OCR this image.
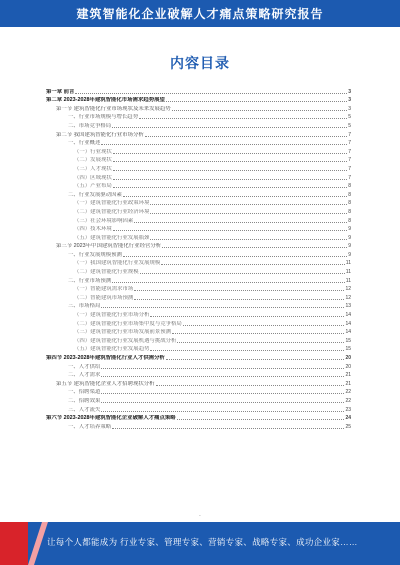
建筑智能化企业破解人才痛点策略研究报告
内容目录
第一章 前言	3
第二章 2023-2028年建筑智能化市场需求趋势展望	3
第一节 建筑智能化行业市场现状及未来发展趋势	3
一、行业市场规模与增长趋势	5
二、市场竞争格局	5
第二节 我国建筑智能化行业市场分析	7
一、行业概述	7
（一）行业现状	7
（二）发展现状	7
（三）人才现状	7
（四）区域现状	7
（五）产业布局	8
二、行业发展驱动因素	8
（一）建筑智能化行业政策环境	8
（二）建筑智能化行业经济环境	8
（三）社会环境影响因素	8
（四）技术环境	9
（五）建筑智能化行业发展瓶颈	9
第三节 2023年中国建筑智能化行业经营分析	9
一、行业发展规模预测	9
（一）我国建筑智能化行业发展规模	11
（二）建筑智能化行业规模	11
二、行业市场预测	11
（一）智能建筑需求市场	12
（二）智能建筑市场预测	12
三、市场格局	13
（一）建筑智能化行业市场分析	14
（二）建筑智能化行业市场集中度与竞争格局	14
（三）建筑智能化行业市场发展前景预测	14
（四）建筑智能化行业发展机遇与挑战分析	15
（五）建筑智能化行业发展趋势	15
第四节 2023-2028年建筑智能化行业人才供需分析	20
一、人才供给	20
二、人才需求	21
第五节 建筑智能化企业人才招聘现状分析	21
一、招聘渠道	22
二、招聘效果	22
三、人才流失	23
第六节 2023-2028年建筑智能化企业破解人才痛点策略	24
一、人才培养策略	25
·
让每个人都能成为 行业专家、管理专家、营销专家、战略专家、成功企业家……
